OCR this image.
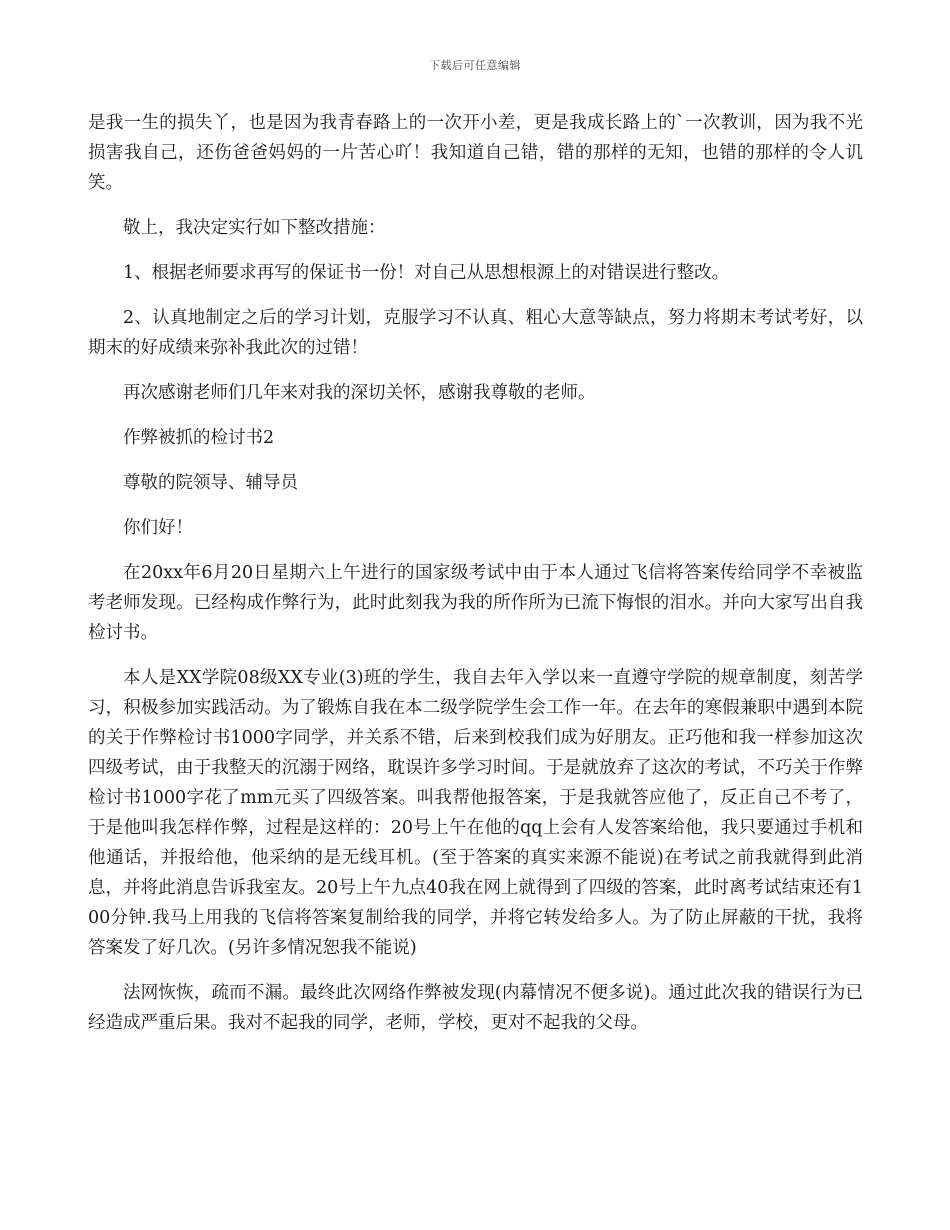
下载后可任意编辑

是我一生的损失丫，也是因为我青春路上的一次开小差，更是我成长路上的`一次教训，因为我不光损害我自己，还伤爸爸妈妈的一片苦心吖！我知道自己错，错的那样的无知，也错的那样的令人讥笑。

敬上，我决定实行如下整改措施：

1、根据老师要求再写的保证书一份！对自己从思想根源上的对错误进行整改。

2、认真地制定之后的学习计划，克服学习不认真、粗心大意等缺点，努力将期末考试考好，以期末的好成绩来弥补我此次的过错！

再次感谢老师们几年来对我的深切关怀，感谢我尊敬的老师。

作弊被抓的检讨书2

尊敬的院领导、辅导员

你们好！

在20xx年6月20日星期六上午进行的国家级考试中由于本人通过飞信将答案传给同学不幸被监考老师发现。已经构成作弊行为，此时此刻我为我的所作所为已流下悔恨的泪水。并向大家写出自我检讨书。

本人是XX学院08级XX专业(3)班的学生，我自去年入学以来一直遵守学院的规章制度，刻苦学习，积极参加实践活动。为了锻炼自我在本二级学院学生会工作一年。在去年的寒假兼职中遇到本院的关于作弊检讨书1000字同学，并关系不错，后来到校我们成为好朋友。正巧他和我一样参加这次四级考试，由于我整天的沉溺于网络，耽误许多学习时间。于是就放弃了这次的考试，不巧关于作弊检讨书1000字花了mm元买了四级答案。叫我帮他报答案，于是我就答应他了，反正自己不考了，于是他叫我怎样作弊，过程是这样的：20号上午在他的qq上会有人发答案给他，我只要通过手机和他通话，并报给他，他采纳的是无线耳机。(至于答案的真实来源不能说)在考试之前我就得到此消息，并将此消息告诉我室友。20号上午九点40我在网上就得到了四级的答案，此时离考试结束还有100分钟.我马上用我的飞信将答案复制给我的同学，并将它转发给多人。为了防止屏蔽的干扰，我将答案发了好几次。(另许多情况恕我不能说)

法网恢恢，疏而不漏。最终此次网络作弊被发现(内幕情况不便多说)。通过此次我的错误行为已经造成严重后果。我对不起我的同学，老师，学校，更对不起我的父母。
